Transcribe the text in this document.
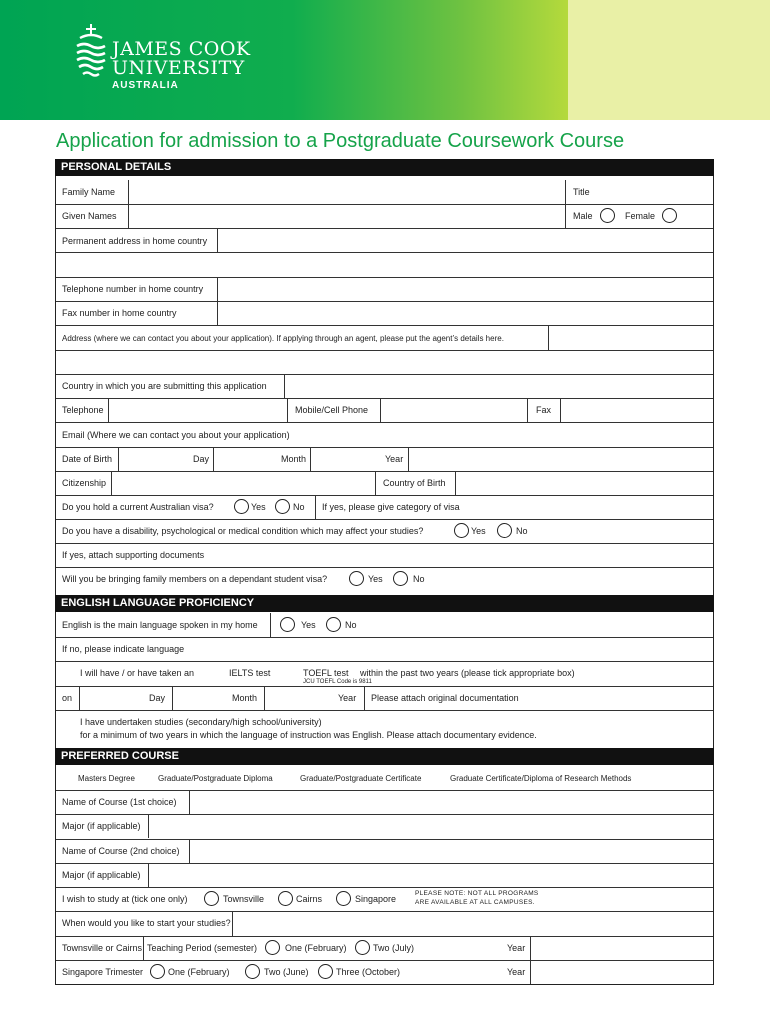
JAMES COOK
UNIVERSITY
AUSTRALIA
Application for admission to a Postgraduate Coursework Course
PERSONAL DETAILS
ENGLISH LANGUAGE PROFICIENCY
PREFERRED COURSE
Family Name	Title
Given Names	Male	Female
Permanent address in home country
Telephone number in home country
Fax number in home country
Address (where we can contact you about your application). If applying through an agent, please put the agent’s details here.
Country in which you are submitting this application
Telephone	Mobile/Cell Phone	Fax
Email (Where we can contact you about your application)
Date of Birth	Day	Month	Year
Citizenship	Country of Birth
Do you hold a current Australian visa?	Yes	No If yes, please give category of visa
Do you have a disability, psychological or medical condition which may affect your studies?	Yes	No
If yes, attach supporting documents
Will you be bringing family members on a dependant student visa?	Yes	No
English is the main language spoken in my home	Yes	No
If no, please indicate language
I will have / or have taken an	IELTS test	TOEFL test within the past two years (please tick appropriate box)
JCU TOEFL Code is 9811
on	Day	Month	Year Please attach original documentation
I have undertaken studies (secondary/high school/university)
for a minimum of two years in which the language of instruction was English. Please attach documentary evidence.
Masters Degree	Graduate/Postgraduate Diploma	Graduate/Postgraduate Certificate	Graduate Certificate/Diploma of Research Methods
Name of Course (1st choice)
Major (if applicable)
Name of Course (2nd choice)
Major (if applicable)
I wish to study at (tick one only)	Townsville	Cairns	Singapore
PLEASE NOTE: NOT ALL PROGRAMS
ARE AVAILABLE AT ALL CAMPUSES.
When would you like to start your studies?
Townsville or Cairns Teaching Period (semester)	One (February)	Two (July)	Year
Singapore Trimester	One (February)	Two (June)	Three (October)	Year
